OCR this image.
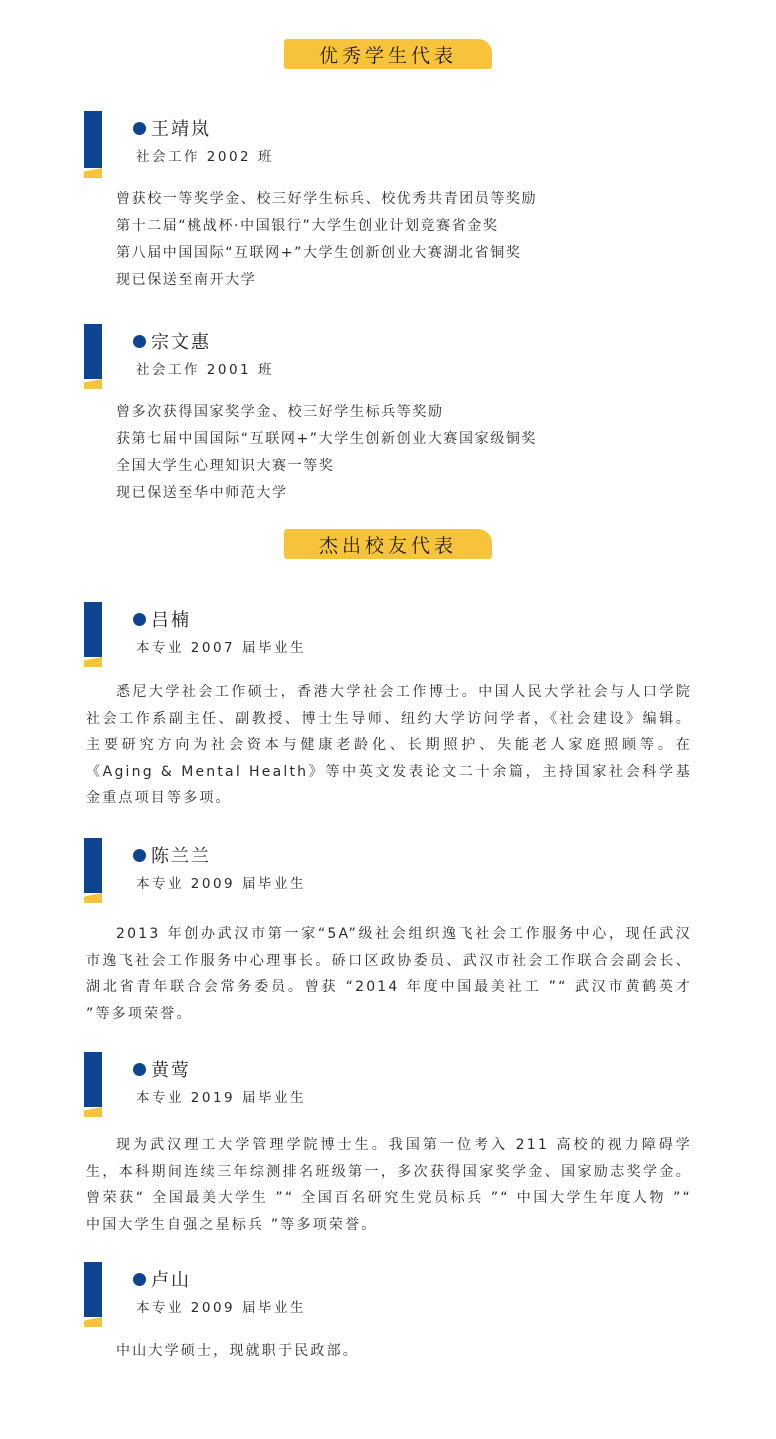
优秀学生代表
王靖岚
社会工作 2002 班
曾获校一等奖学金、校三好学生标兵、校优秀共青团员等奖励
第十二届“桃战杯·中国银行”大学生创业计划竞赛省金奖
第八届中国国际“互联网+”大学生创新创业大赛湖北省铜奖
现已保送至南开大学
宗文惠
社会工作 2001 班
曾多次获得国家奖学金、校三好学生标兵等奖励
获第七届中国国际“互联网+”大学生创新创业大赛国家级铜奖
全国大学生心理知识大赛一等奖
现已保送至华中师范大学
杰出校友代表
吕楠
本专业 2007 届毕业生
悉尼大学社会工作硕士，香港大学社会工作博士。中国人民大学社会与人口学院社会工作系副主任、副教授、博士生导师、纽约大学访问学者，《社会建设》编辑。主要研究方向为社会资本与健康老龄化、长期照护、失能老人家庭照顾等。在《Aging & Mental Health》等中英文发表论文二十余篇，主持国家社会科学基金重点项目等多项。
陈兰兰
本专业 2009 届毕业生
2013 年创办武汉市第一家“5A”级社会组织逸飞社会工作服务中心，现任武汉市逸飞社会工作服务中心理事长。硚口区政协委员、武汉市社会工作联合会副会长、湖北省青年联合会常务委员。曾获 “2014 年度中国最美社工 ”“ 武汉市黄鹤英才 ”等多项荣誉。
黄莺
本专业 2019 届毕业生
现为武汉理工大学管理学院博士生。我国第一位考入 211 高校的视力障碍学生，本科期间连续三年综测排名班级第一，多次获得国家奖学金、国家励志奖学金。曾荣获“ 全国最美大学生 ”“ 全国百名研究生党员标兵 ”“ 中国大学生年度人物 ”“ 中国大学生自强之星标兵 ”等多项荣誉。
卢山
本专业 2009 届毕业生
中山大学硕士，现就职于民政部。
